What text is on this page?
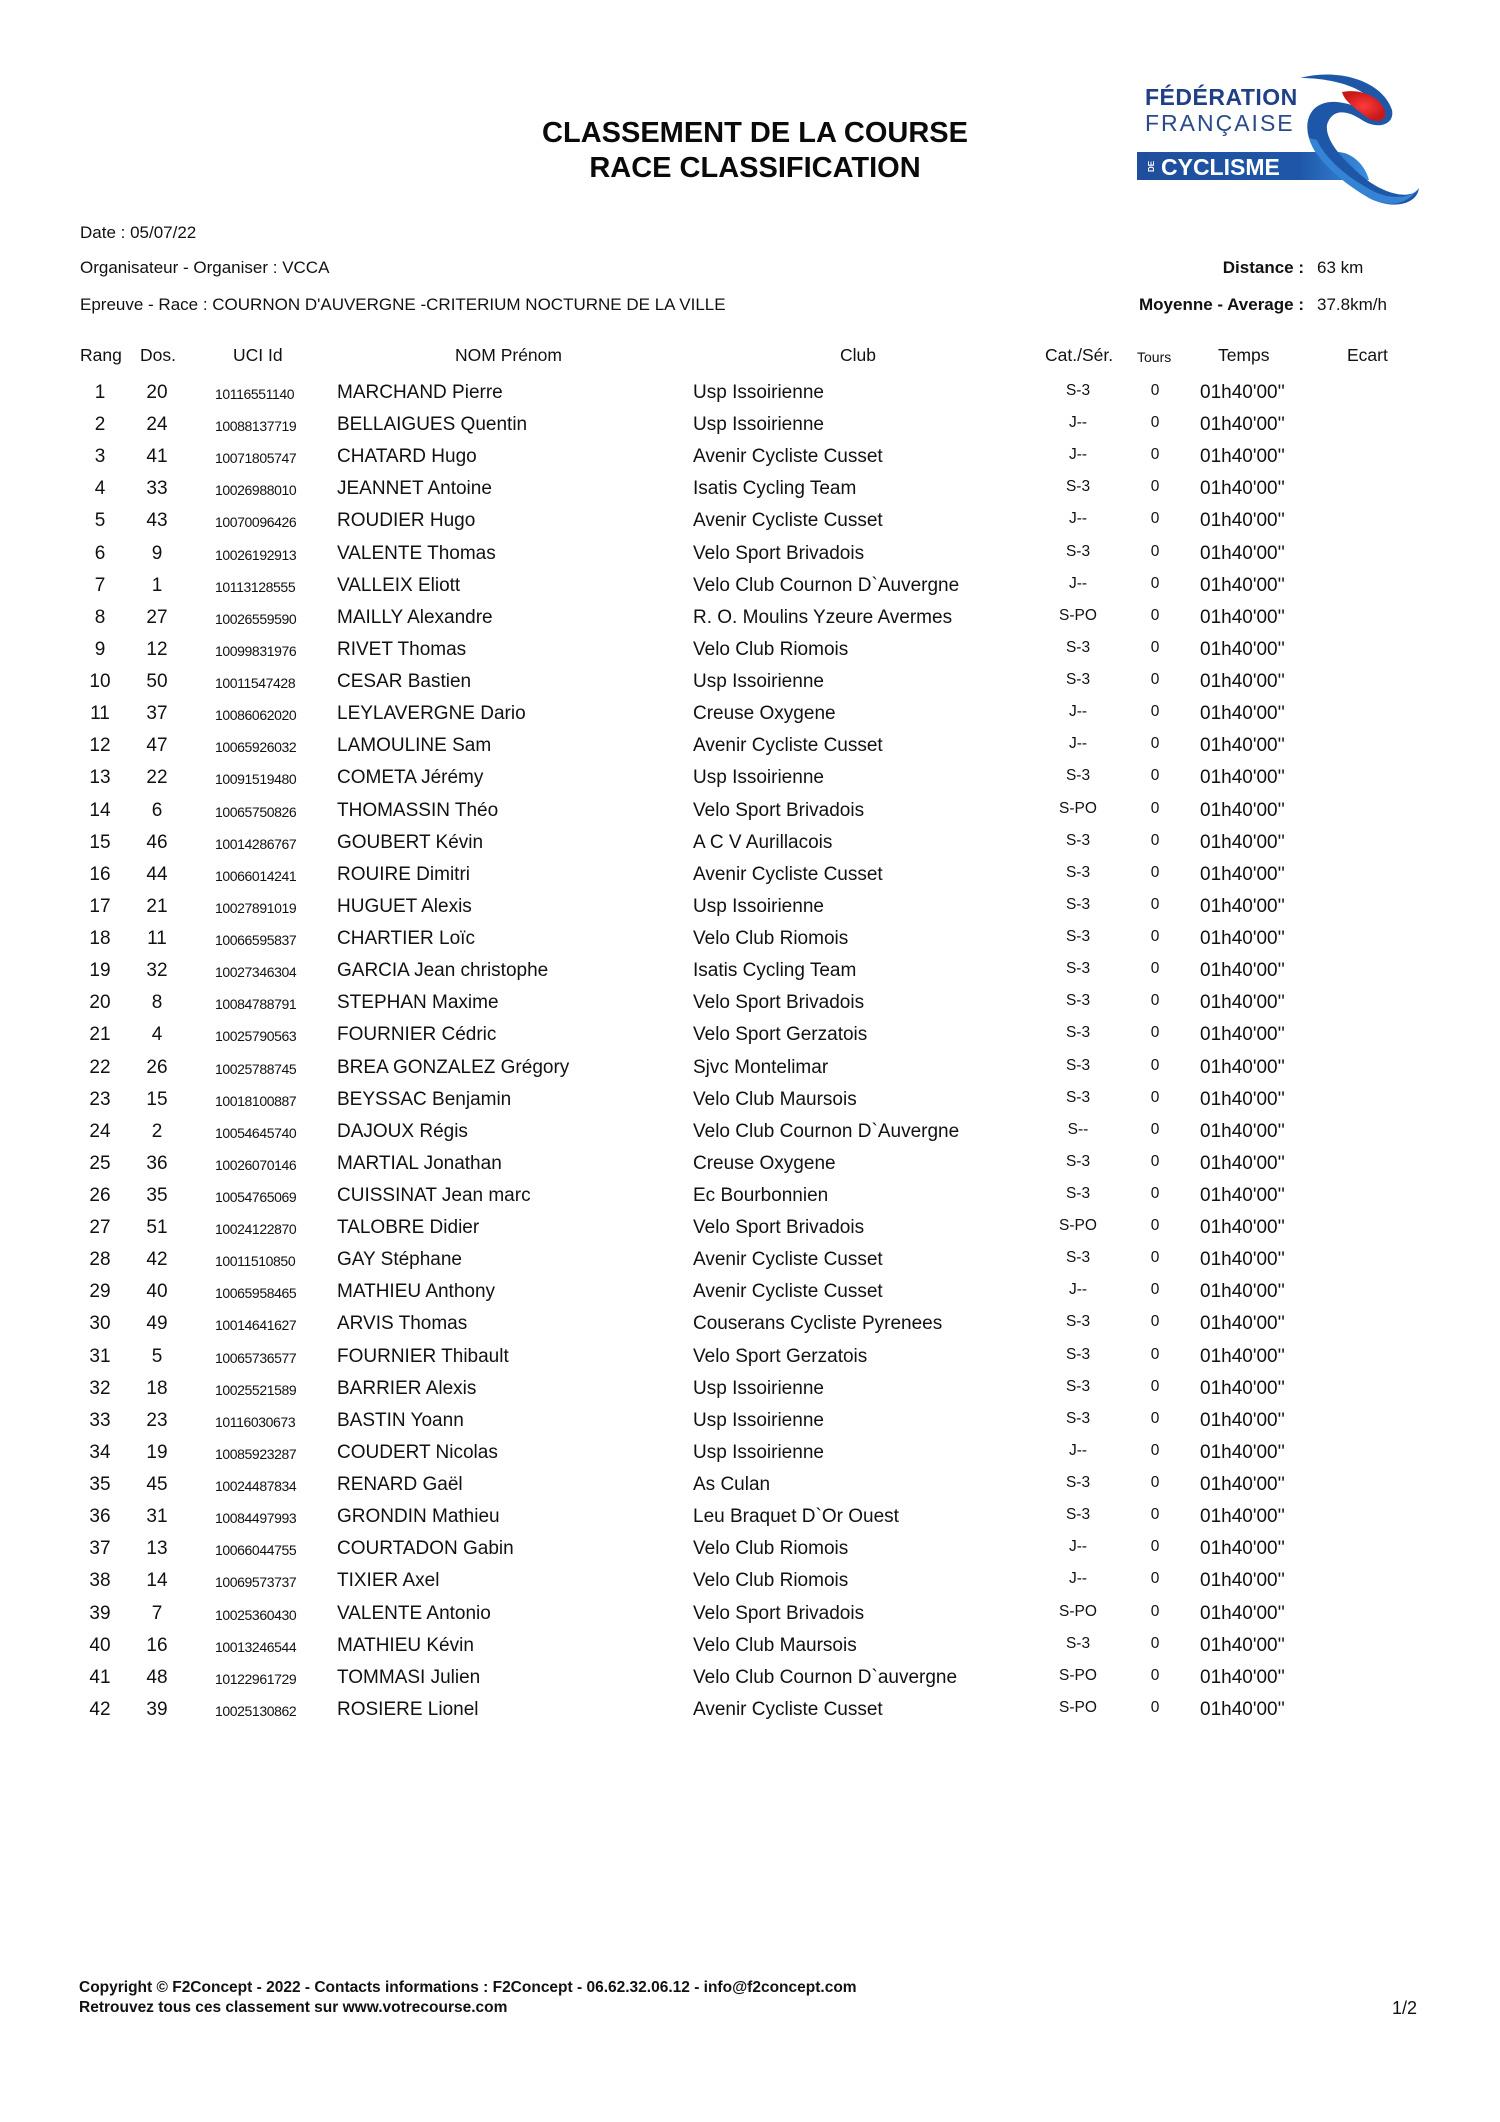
CLASSEMENT DE LA COURSE
RACE CLASSIFICATION
FÉDÉRATION
FRANÇAISE
DE CYCLISME
Date : 05/07/22
Organisateur - Organiser : VCCA
Epreuve - Race : COURNON D'AUVERGNE -CRITERIUM NOCTURNE DE LA VILLE
Distance : 63 km
Moyenne - Average : 37.8km/h
Rang Dos.	UCI Id	NOM Prénom	Club	Cat./Sér. Tours	Temps	Ecart
1	20	10116551140 MARCHAND Pierre	Usp Issoirienne	S-3	0	01h40'00''
2	24	10088137719 BELLAIGUES Quentin	Usp Issoirienne	J--	0	01h40'00''
3	41	10071805747 CHATARD Hugo	Avenir Cycliste Cusset	J--	0	01h40'00''
4	33	10026988010 JEANNET Antoine	Isatis Cycling Team	S-3	0	01h40'00''
5	43	10070096426 ROUDIER Hugo	Avenir Cycliste Cusset	J--	0	01h40'00''
6	9	10026192913 VALENTE Thomas	Velo Sport Brivadois	S-3	0	01h40'00''
7	1	10113128555 VALLEIX Eliott	Velo Club Cournon D`Auvergne	J--	0	01h40'00''
8	27	10026559590 MAILLY Alexandre	R. O. Moulins Yzeure Avermes	S-PO	0	01h40'00''
9	12	10099831976 RIVET Thomas	Velo Club Riomois	S-3	0	01h40'00''
10	50	10011547428 CESAR Bastien	Usp Issoirienne	S-3	0	01h40'00''
11	37	10086062020 LEYLAVERGNE Dario	Creuse Oxygene	J--	0	01h40'00''
12	47	10065926032 LAMOULINE Sam	Avenir Cycliste Cusset	J--	0	01h40'00''
13	22	10091519480 COMETA Jérémy	Usp Issoirienne	S-3	0	01h40'00''
14	6	10065750826 THOMASSIN Théo	Velo Sport Brivadois	S-PO	0	01h40'00''
15	46	10014286767 GOUBERT Kévin	A C V Aurillacois	S-3	0	01h40'00''
16	44	10066014241 ROUIRE Dimitri	Avenir Cycliste Cusset	S-3	0	01h40'00''
17	21	10027891019 HUGUET Alexis	Usp Issoirienne	S-3	0	01h40'00''
18	11	10066595837 CHARTIER Loïc	Velo Club Riomois	S-3	0	01h40'00''
19	32	10027346304 GARCIA Jean christophe	Isatis Cycling Team	S-3	0	01h40'00''
20	8	10084788791 STEPHAN Maxime	Velo Sport Brivadois	S-3	0	01h40'00''
21	4	10025790563 FOURNIER Cédric	Velo Sport Gerzatois	S-3	0	01h40'00''
22	26	10025788745 BREA GONZALEZ Grégory	Sjvc Montelimar	S-3	0	01h40'00''
23	15	10018100887 BEYSSAC Benjamin	Velo Club Maursois	S-3	0	01h40'00''
24	2	10054645740 DAJOUX Régis	Velo Club Cournon D`Auvergne	S--	0	01h40'00''
25	36	10026070146 MARTIAL Jonathan	Creuse Oxygene	S-3	0	01h40'00''
26	35	10054765069 CUISSINAT Jean marc	Ec Bourbonnien	S-3	0	01h40'00''
27	51	10024122870 TALOBRE Didier	Velo Sport Brivadois	S-PO	0	01h40'00''
28	42	10011510850 GAY Stéphane	Avenir Cycliste Cusset	S-3	0	01h40'00''
29	40	10065958465 MATHIEU Anthony	Avenir Cycliste Cusset	J--	0	01h40'00''
30	49	10014641627 ARVIS Thomas	Couserans Cycliste Pyrenees	S-3	0	01h40'00''
31	5	10065736577 FOURNIER Thibault	Velo Sport Gerzatois	S-3	0	01h40'00''
32	18	10025521589 BARRIER Alexis	Usp Issoirienne	S-3	0	01h40'00''
33	23	10116030673 BASTIN Yoann	Usp Issoirienne	S-3	0	01h40'00''
34	19	10085923287 COUDERT Nicolas	Usp Issoirienne	J--	0	01h40'00''
35	45	10024487834 RENARD Gaël	As Culan	S-3	0	01h40'00''
36	31	10084497993 GRONDIN Mathieu	Leu Braquet D`Or Ouest	S-3	0	01h40'00''
37	13	10066044755 COURTADON Gabin	Velo Club Riomois	J--	0	01h40'00''
38	14	10069573737 TIXIER Axel	Velo Club Riomois	J--	0	01h40'00''
39	7	10025360430 VALENTE Antonio	Velo Sport Brivadois	S-PO	0	01h40'00''
40	16	10013246544 MATHIEU Kévin	Velo Club Maursois	S-3	0	01h40'00''
41	48	10122961729 TOMMASI Julien	Velo Club Cournon D`auvergne	S-PO	0	01h40'00''
42	39	10025130862 ROSIERE Lionel	Avenir Cycliste Cusset	S-PO	0	01h40'00''
Copyright © F2Concept - 2022 - Contacts informations : F2Concept - 06.62.32.06.12 - info@f2concept.com
Retrouvez tous ces classement sur www.votrecourse.com	1/2
